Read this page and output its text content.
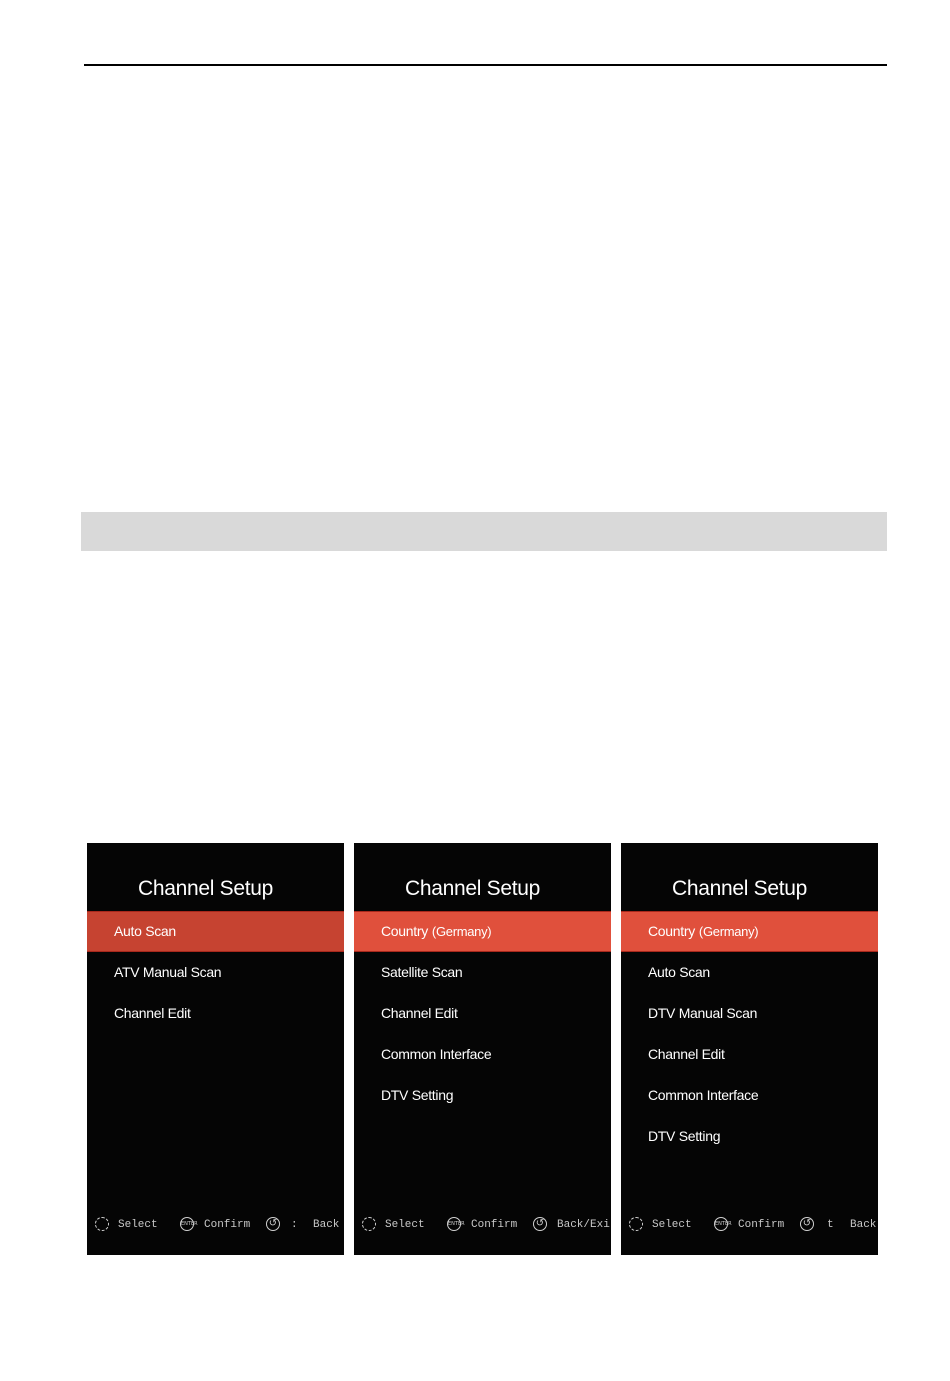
Channel Setup
Auto Scan
ATV Manual Scan
Channel Edit
Select	ENTER Confirm ↺ : Back
Channel Setup
Country (Germany)
Satellite Scan
Channel Edit
Common Interface
DTV Setting
Select	ENTER Confirm ↺ Back/Exi
Channel Setup
Country (Germany)
Auto Scan
DTV Manual Scan
Channel Edit
Common Interface
DTV Setting
Select	ENTER Confirm ↺ t Back
